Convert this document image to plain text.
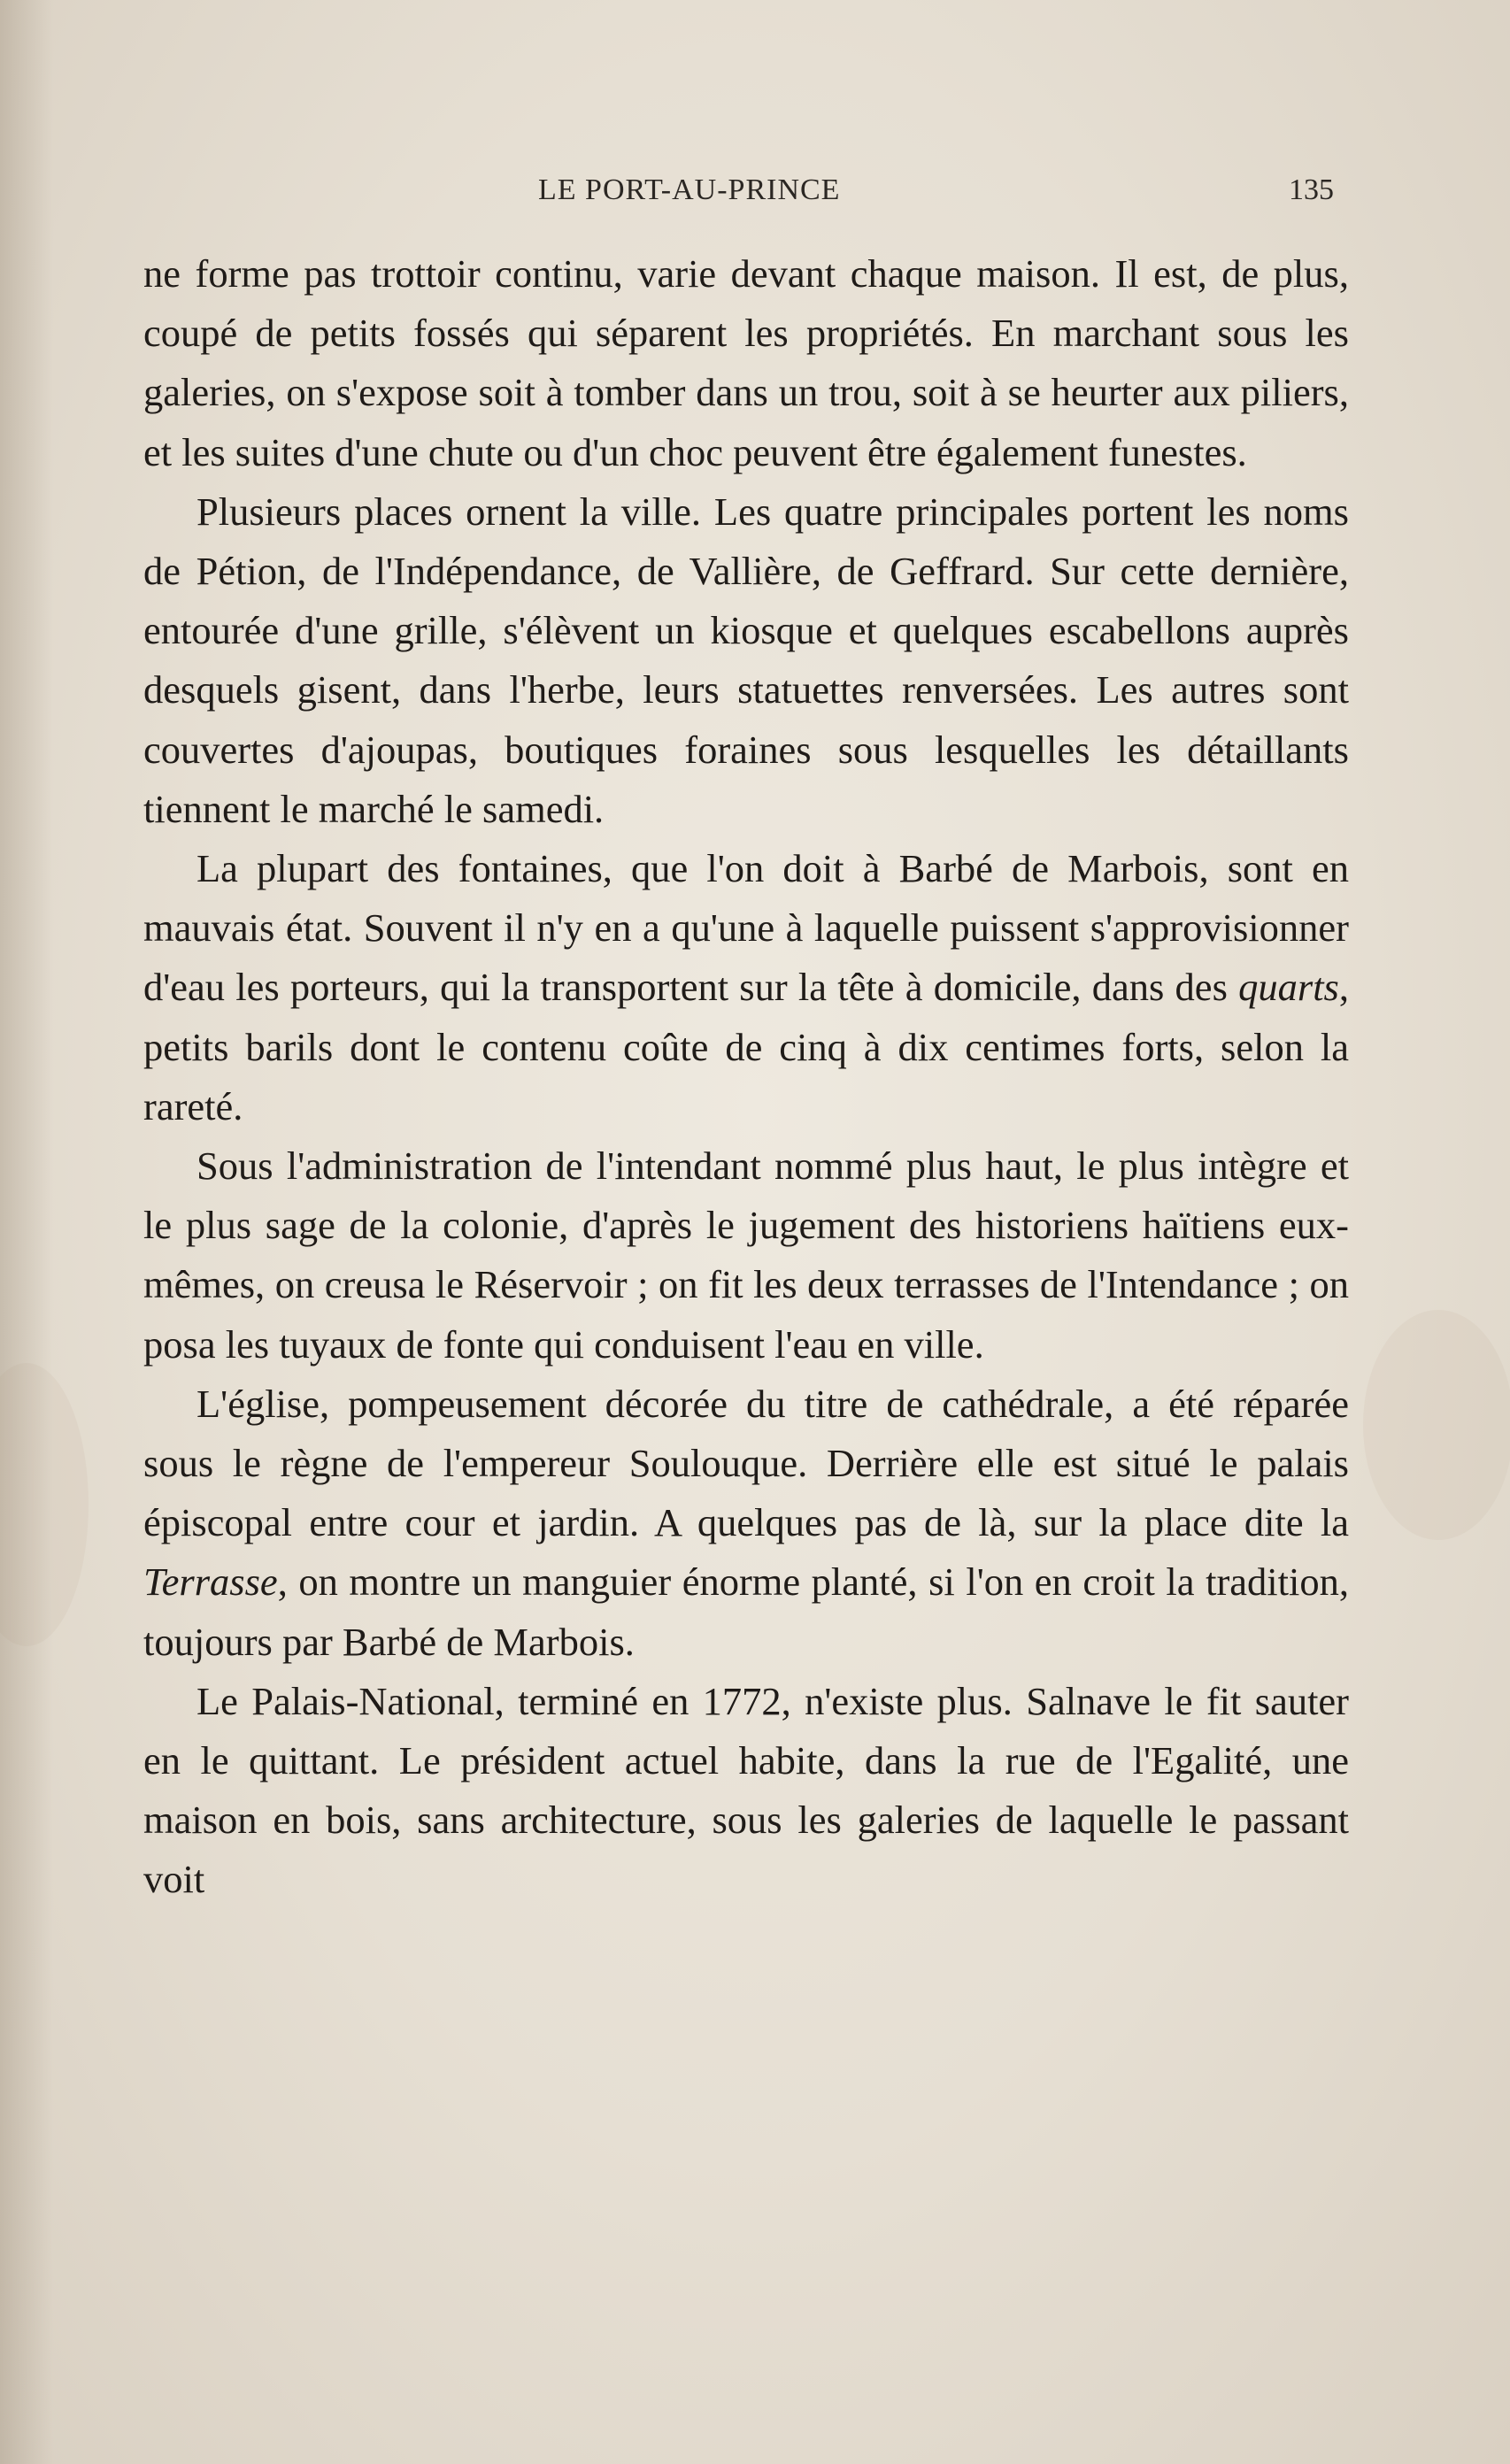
LE PORT-AU-PRINCE	135

ne forme pas trottoir continu, varie devant chaque maison. Il est, de plus, coupé de petits fossés qui séparent les propriétés. En marchant sous les galeries, on s'expose soit à tomber dans un trou, soit à se heurter aux piliers, et les suites d'une chute ou d'un choc peuvent être également funestes.

Plusieurs places ornent la ville. Les quatre principales portent les noms de Pétion, de l'Indépendance, de Vallière, de Geffrard. Sur cette dernière, entourée d'une grille, s'élèvent un kiosque et quelques escabellons auprès desquels gisent, dans l'herbe, leurs statuettes renversées. Les autres sont couvertes d'ajoupas, boutiques foraines sous lesquelles les détaillants tiennent le marché le samedi.

La plupart des fontaines, que l'on doit à Barbé de Marbois, sont en mauvais état. Souvent il n'y en a qu'une à laquelle puissent s'approvisionner d'eau les porteurs, qui la transportent sur la tête à domicile, dans des quarts, petits barils dont le contenu coûte de cinq à dix centimes forts, selon la rareté.

Sous l'administration de l'intendant nommé plus haut, le plus intègre et le plus sage de la colonie, d'après le jugement des historiens haïtiens eux-mêmes, on creusa le Réservoir ; on fit les deux terrasses de l'Intendance ; on posa les tuyaux de fonte qui conduisent l'eau en ville.

L'église, pompeusement décorée du titre de cathédrale, a été réparée sous le règne de l'empereur Soulouque. Derrière elle est situé le palais épiscopal entre cour et jardin. A quelques pas de là, sur la place dite la Terrasse, on montre un manguier énorme planté, si l'on en croit la tradition, toujours par Barbé de Marbois.

Le Palais-National, terminé en 1772, n'existe plus. Salnave le fit sauter en le quittant. Le président actuel habite, dans la rue de l'Egalité, une maison en bois, sans architecture, sous les galeries de laquelle le passant voit
